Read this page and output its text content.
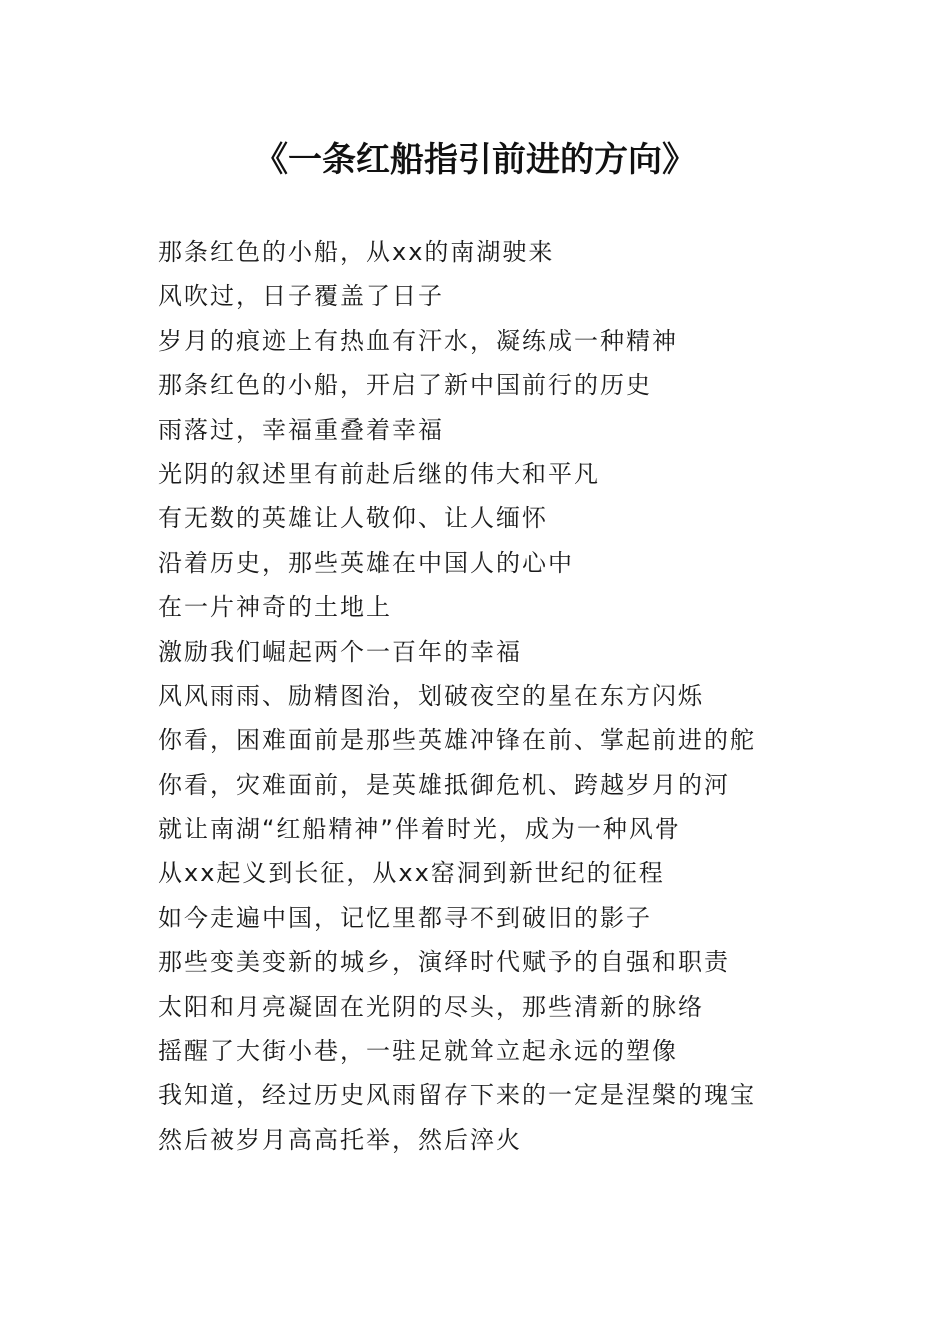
《一条红船指引前进的方向》
那条红色的小船，从xx的南湖驶来
风吹过，日子覆盖了日子
岁月的痕迹上有热血有汗水，凝练成一种精神
那条红色的小船，开启了新中国前行的历史
雨落过，幸福重叠着幸福
光阴的叙述里有前赴后继的伟大和平凡
有无数的英雄让人敬仰、让人缅怀
沿着历史，那些英雄在中国人的心中
在一片神奇的土地上
激励我们崛起两个一百年的幸福
风风雨雨、励精图治，划破夜空的星在东方闪烁
你看，困难面前是那些英雄冲锋在前、掌起前进的舵
你看，灾难面前，是英雄抵御危机、跨越岁月的河
就让南湖“红船精神”伴着时光，成为一种风骨
从xx起义到长征，从xx窑洞到新世纪的征程
如今走遍中国，记忆里都寻不到破旧的影子
那些变美变新的城乡，演绎时代赋予的自强和职责
太阳和月亮凝固在光阴的尽头，那些清新的脉络
摇醒了大街小巷，一驻足就耸立起永远的塑像
我知道，经过历史风雨留存下来的一定是涅槃的瑰宝
然后被岁月高高托举，然后淬火
